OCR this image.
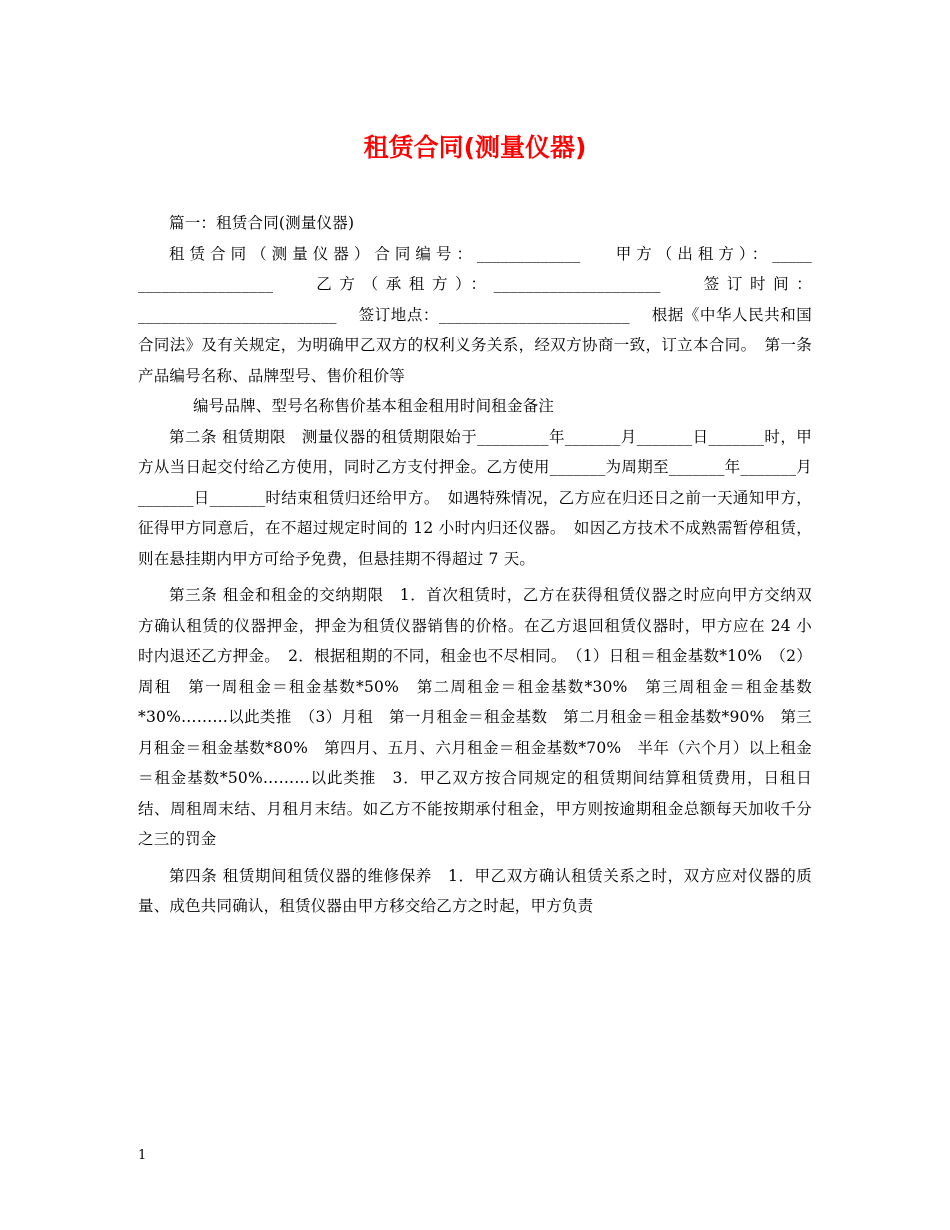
租赁合同(测量仪器)

篇一：租赁合同(测量仪器)

租赁合同（测量仪器）合同编号：_____________　 甲方（出租方）：_____ _________________　 乙方（承租方）：_____________________　 签订时间：_________________________　 签订地点：________________________　 根据《中华人民共和国合同法》及有关规定，为明确甲乙双方的权利义务关系，经双方协商一致，订立本合同。　第一条 产品编号名称、品牌型号、售价租价等

编号品牌、型号名称售价基本租金租用时间租金备注

第二条 租赁期限　测量仪器的租赁期限始于_________年_______月_______日_______时，甲方从当日起交付给乙方使用，同时乙方支付押金。乙方使用_______为周期至_______年_______月_______日_______时结束租赁归还给甲方。　如遇特殊情况，乙方应在归还日之前一天通知甲方，征得甲方同意后，在不超过规定时间的 12 小时内归还仪器。　如因乙方技术不成熟需暂停租赁，则在悬挂期内甲方可给予免费，但悬挂期不得超过 7 天。

第三条 租金和租金的交纳期限　1．首次租赁时，乙方在获得租赁仪器之时应向甲方交纳双方确认租赁的仪器押金，押金为租赁仪器销售的价格。在乙方退回租赁仪器时，甲方应在 24 小时内退还乙方押金。　2．根据租期的不同，租金也不尽相同。　（1）日租＝租金基数*10%　（2）周租　第一周租金＝租金基数*50%　第二周租金＝租金基数*30%　第三周租金＝租金基数*30%………以此类推　（3）月租　第一月租金＝租金基数　第二月租金＝租金基数*90%　第三月租金＝租金基数*80%　第四月、五月、六月租金＝租金基数*70%　半年（六个月）以上租金＝租金基数*50%………以此类推　3．甲乙双方按合同规定的租赁期间结算租赁费用，日租日结、周租周末结、月租月末结。如乙方不能按期承付租金，甲方则按逾期租金总额每天加收千分之三的罚金

第四条 租赁期间租赁仪器的维修保养　1．甲乙双方确认租赁关系之时，双方应对仪器的质量、成色共同确认，租赁仪器由甲方移交给乙方之时起，甲方负责

1
